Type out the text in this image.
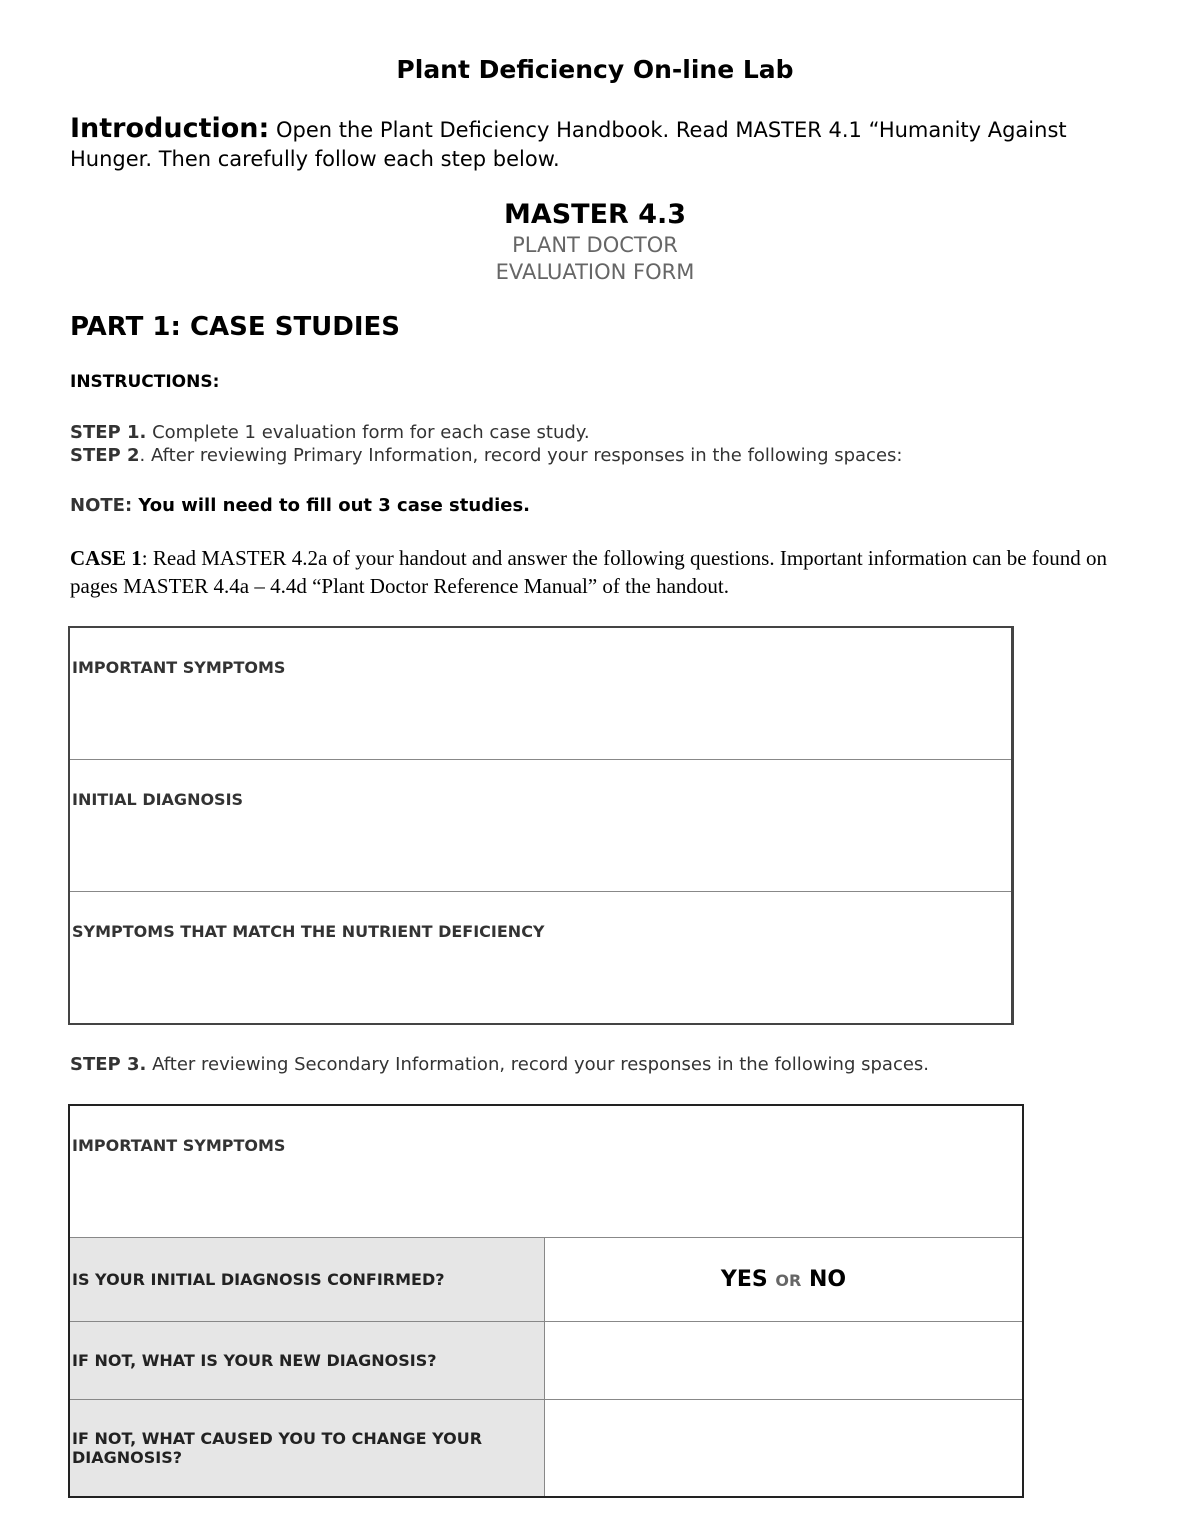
Plant Deficiency On-line Lab
Introduction: Open the Plant Deficiency Handbook. Read MASTER 4.1 “Humanity Against Hunger. Then carefully follow each step below.
MASTER 4.3
PLANT DOCTOR
EVALUATION FORM
PART 1: CASE STUDIES
INSTRUCTIONS:
STEP 1. Complete 1 evaluation form for each case study.
STEP 2. After reviewing Primary Information, record your responses in the following spaces:
NOTE: You will need to fill out 3 case studies.
CASE 1: Read MASTER 4.2a of your handout and answer the following questions. Important information can be found on pages MASTER 4.4a – 4.4d “Plant Doctor Reference Manual” of the handout.
IMPORTANT SYMPTOMS

INITIAL DIAGNOSIS

SYMPTOMS THAT MATCH THE NUTRIENT DEFICIENCY
STEP 3. After reviewing Secondary Information, record your responses in the following spaces.
IMPORTANT SYMPTOMS	

IS YOUR INITIAL DIAGNOSIS CONFIRMED?	YES OR NO
IF NOT, WHAT IS YOUR NEW DIAGNOSIS?	
IF NOT, WHAT CAUSED YOU TO CHANGE YOUR DIAGNOSIS?	
